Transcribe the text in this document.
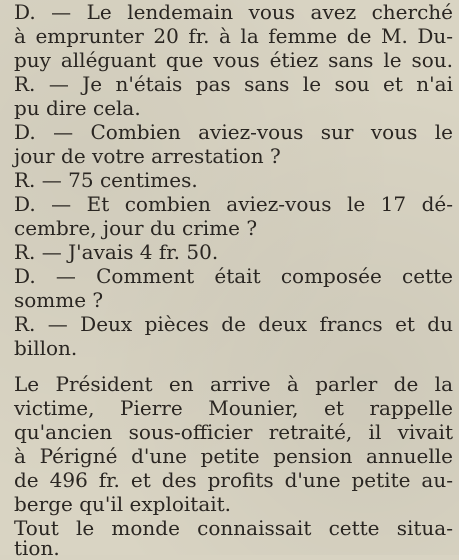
D. — Le lendemain vous avez cherché
à emprunter 20 fr. à la femme de M. Du-
puy alléguant que vous étiez sans le sou.
R. — Je n'étais pas sans le sou et n'ai
pu dire cela.
D. — Combien aviez-vous sur vous le
jour de votre arrestation ?
R. — 75 centimes.
D. — Et combien aviez-vous le 17 dé-
cembre, jour du crime ?
R. — J'avais 4 fr. 50.
D. — Comment était composée cette
somme ?
R. — Deux pièces de deux francs et du
billon.
Le Président en arrive à parler de la
victime, Pierre Mounier, et rappelle
qu'ancien sous-officier retraité, il vivait
à Périgné d'une petite pension annuelle
de 496 fr. et des profits d'une petite au-
berge qu'il exploitait.
Tout le monde connaissait cette situa-
tion.
